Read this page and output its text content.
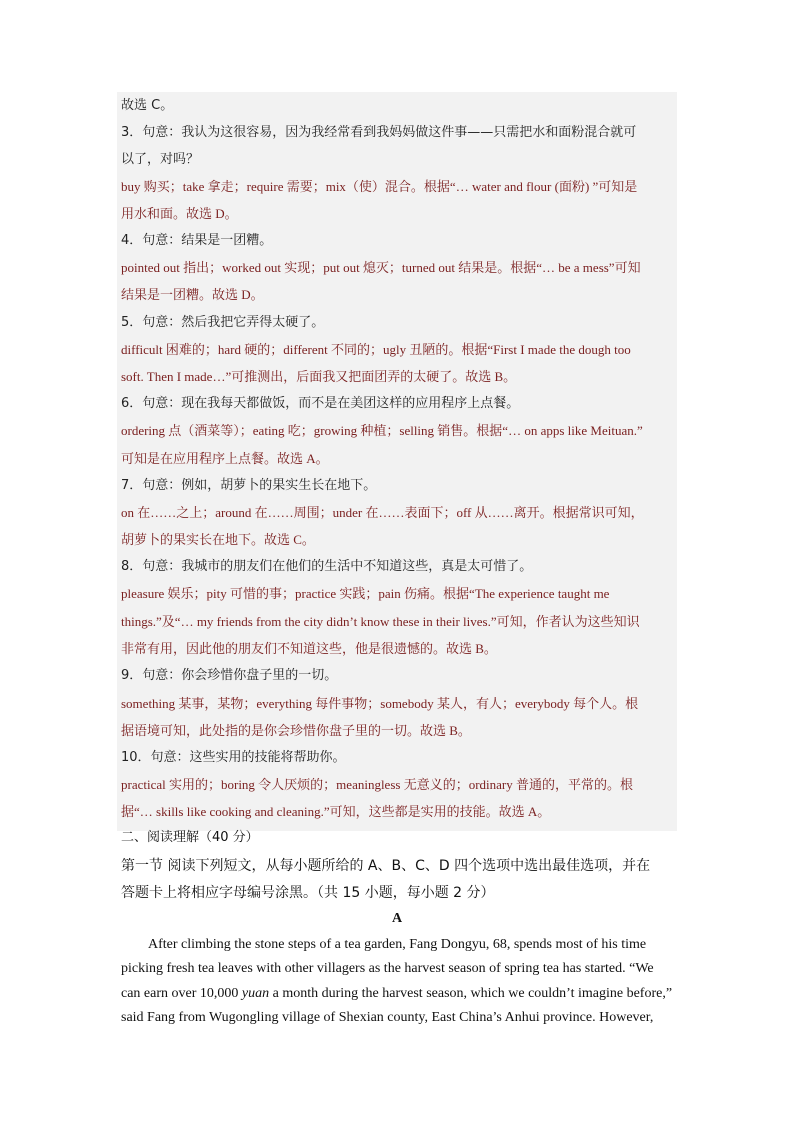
故选 C。
3．句意：我认为这很容易，因为我经常看到我妈妈做这件事——只需把水和面粉混合就可
以了，对吗？
buy 购买；take 拿走；require 需要；mix（使）混合。根据“… water and flour (面粉) ”可知是
用水和面。故选 D。
4．句意：结果是一团糟。
pointed out 指出；worked out 实现；put out 熄灭；turned out 结果是。根据“… be a mess”可知
结果是一团糟。故选 D。
5．句意：然后我把它弄得太硬了。
difficult 困难的；hard 硬的；different 不同的；ugly 丑陋的。根据“First I made the dough too
soft. Then I made…”可推测出，后面我又把面团弄的太硬了。故选 B。
6．句意：现在我每天都做饭，而不是在美团这样的应用程序上点餐。
ordering 点（酒菜等）；eating 吃；growing 种植；selling 销售。根据“… on apps like Meituan.”
可知是在应用程序上点餐。故选 A。
7．句意：例如，胡萝卜的果实生长在地下。
on 在……之上；around 在……周围；under 在……表面下；off 从……离开。根据常识可知，
胡萝卜的果实长在地下。故选 C。
8．句意：我城市的朋友们在他们的生活中不知道这些，真是太可惜了。
pleasure 娱乐；pity 可惜的事；practice 实践；pain 伤痛。根据“The experience taught me
things.”及“… my friends from the city didn’t know these in their lives.”可知，作者认为这些知识
非常有用，因此他的朋友们不知道这些，他是很遗憾的。故选 B。
9．句意：你会珍惜你盘子里的一切。
something 某事，某物；everything 每件事物；somebody 某人，有人；everybody 每个人。根
据语境可知，此处指的是你会珍惜你盘子里的一切。故选 B。
10．句意：这些实用的技能将帮助你。
practical 实用的；boring 令人厌烦的；meaningless 无意义的；ordinary 普通的，平常的。根
据“… skills like cooking and cleaning.”可知，这些都是实用的技能。故选 A。
二、阅读理解（40 分）
第一节 阅读下列短文，从每小题所给的 A、B、C、D 四个选项中选出最佳选项，并在
答题卡上将相应字母编号涂黑。（共 15 小题，每小题 2 分）
A
After climbing the stone steps of a tea garden, Fang Dongyu, 68, spends most of his time
picking fresh tea leaves with other villagers as the harvest season of spring tea has started. “We
can earn over 10,000 yuan a month during the harvest season, which we couldn’t imagine before,”
said Fang from Wugongling village of Shexian county, East China’s Anhui province. However,
